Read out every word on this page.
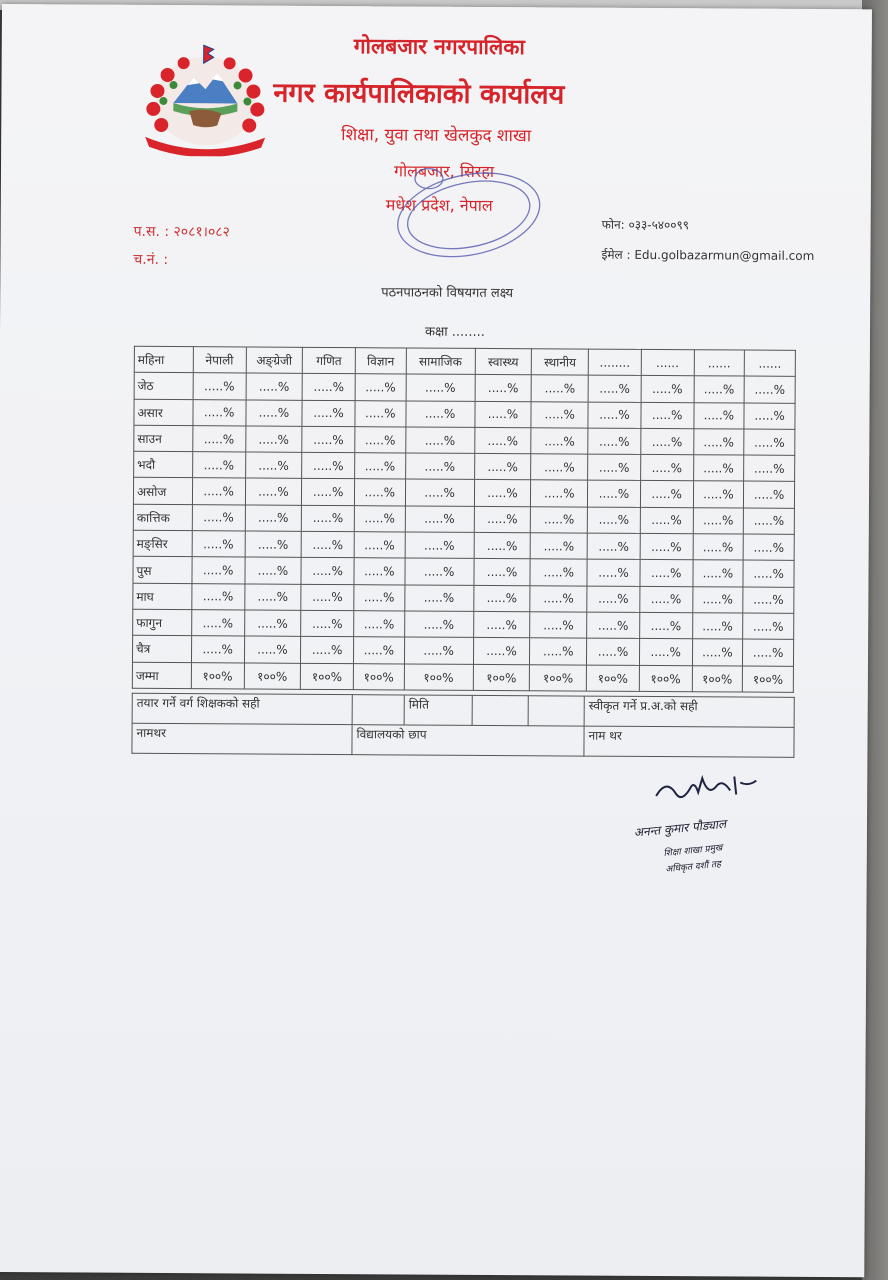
गोलबजार नगरपालिका
नगर कार्यपालिकाको कार्यालय
शिक्षा, युवा तथा खेलकुद शाखा
गोलबजार, सिरहा
मधेश प्रदेश, नेपाल
प.स. : २०८१।०८२
च.नं. :
फोन: ०३३-५४००९९
ईमेल : Edu.golbazarmun@gmail.com
पठनपाठनको विषयगत लक्ष्य
कक्षा ........
महिना	नेपाली	अङ्ग्रेजी	गणित	विज्ञान	सामाजिक	स्वास्थ्य	स्थानीय	........	......	......	......
जेठ	.....%	.....%	.....%	.....%	.....%	.....%	.....%	.....%	.....%	.....%	.....%
असार	.....%	.....%	.....%	.....%	.....%	.....%	.....%	.....%	.....%	.....%	.....%
साउन	.....%	.....%	.....%	.....%	.....%	.....%	.....%	.....%	.....%	.....%	.....%
भदौ	.....%	.....%	.....%	.....%	.....%	.....%	.....%	.....%	.....%	.....%	.....%
असोज	.....%	.....%	.....%	.....%	.....%	.....%	.....%	.....%	.....%	.....%	.....%
कात्तिक	.....%	.....%	.....%	.....%	.....%	.....%	.....%	.....%	.....%	.....%	.....%
मङ्सिर	.....%	.....%	.....%	.....%	.....%	.....%	.....%	.....%	.....%	.....%	.....%
पुस	.....%	.....%	.....%	.....%	.....%	.....%	.....%	.....%	.....%	.....%	.....%
माघ	.....%	.....%	.....%	.....%	.....%	.....%	.....%	.....%	.....%	.....%	.....%
फागुन	.....%	.....%	.....%	.....%	.....%	.....%	.....%	.....%	.....%	.....%	.....%
चैत्र	.....%	.....%	.....%	.....%	.....%	.....%	.....%	.....%	.....%	.....%	.....%
जम्मा	१००%	१००%	१००%	१००%	१००%	१००%	१००%	१००%	१००%	१००%	१००%
तयार गर्ने वर्ग शिक्षकको सही		मिति			स्वीकृत गर्ने प्र.अ.को सही
नामथर	विद्यालयको छाप				नाम थर
अनन्त कुमार पौड्याल
शिक्षा शाखा प्रमुख
अधिकृत दशौं तह
